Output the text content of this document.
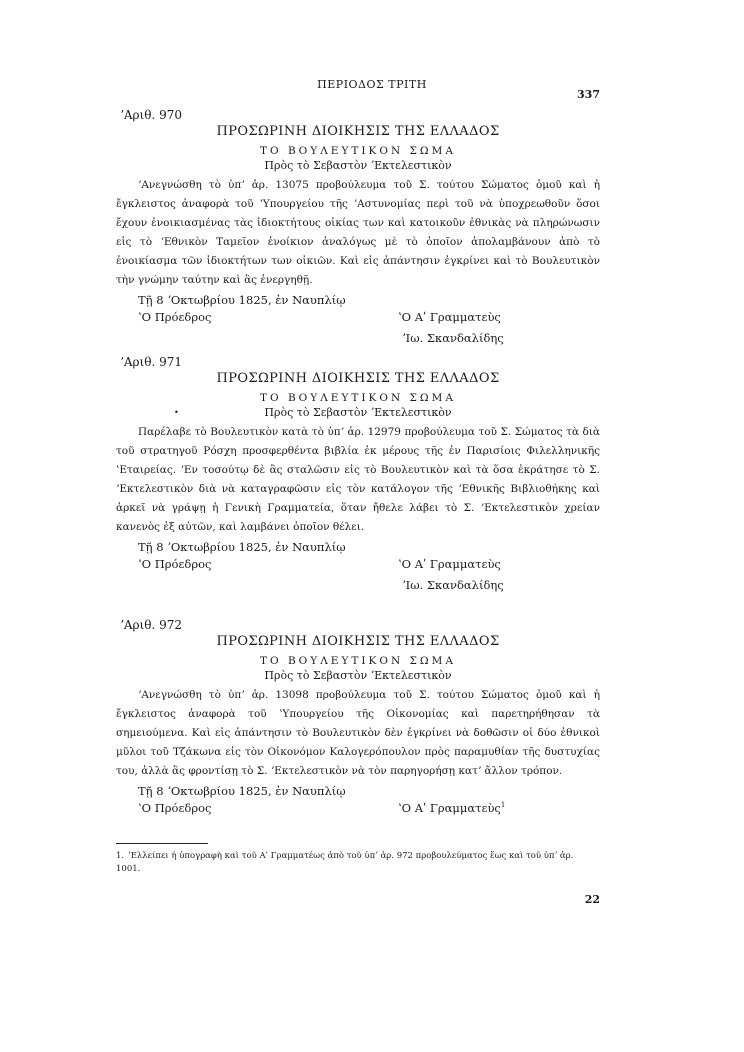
ΠΕΡΙΟΔΟΣ ΤΡΙΤΗ
337
ʼΑριθ. 970
ΠΡΟΣΩΡΙΝΗ ΔΙΟΙΚΗΣΙΣ ΤΗΣ ΕΛΛΑΔΟΣ
ΤΟ ΒΟΥΛΕΥΤΙΚΟΝ ΣΩΜΑ
Πρὸς τὸ Σεβαστὸν ʼΕκτελεστικὸν
ʼΑνεγνώσθη τὸ ὑπʼ ἀρ. 13075 προβούλευμα τοῦ Σ. τούτου Σώματος ὁμοῦ καὶ ἡ ἔγκλειστος ἀναφορὰ τοῦ ʽΥπουργείου τῆς ʼΑστυνομίας περὶ τοῦ νὰ ὑποχρεωθοῦν ὅσοι ἔχουν ἐνοικιασμένας τὰς ἰδιοκτήτους οἰκίας των καὶ κατοικοῦν ἐθνικὰς νὰ πληρώνωσιν εἰς τὸ ʼΕθνικὸν Ταμεῖον ἐνοίκιον ἀναλόγως μὲ τὸ ὁποῖον ἀπολαμβάνουν ἀπὸ τὸ ἐνοικίασμα τῶν ἰδιοκτήτων των οἰκιῶν. Καὶ εἰς ἀπάντησιν ἐγκρίνει καὶ τὸ Βουλευτικὸν τὴν γνώμην ταύτην καὶ ἂς ἐνεργηθῇ.
Τῇ 8 ʼΟκτωβρίου 1825, ἐν Ναυπλίῳ
ʽΟ Πρόεδρος	ʽΟ Αʹ Γραμματεὺς
ʼΙω. Σκανδαλίδης
ʼΑριθ. 971
ΠΡΟΣΩΡΙΝΗ ΔΙΟΙΚΗΣΙΣ ΤΗΣ ΕΛΛΑΔΟΣ
ΤΟ ΒΟΥΛΕΥΤΙΚΟΝ ΣΩΜΑ
•	Πρὸς τὸ Σεβαστὸν ʼΕκτελεστικὸν
Παρέλαβε τὸ Βουλευτικὸν κατὰ τὸ ὑπʼ ἀρ. 12979 προβούλευμα τοῦ Σ. Σώματος τὰ διὰ τοῦ στρατηγοῦ Ρόσχη προσφερθέντα βιβλία ἐκ μέρους τῆς ἐν Παρισίοις Φιλελληνικῆς ʽΕταιρείας. ʼΕν τοσούτῳ δὲ ἂς σταλῶσιν εἰς τὸ Βουλευτικὸν καὶ τὰ ὅσα ἐκράτησε τὸ Σ. ʼΕκτελεστικὸν διὰ νὰ καταγραφῶσιν εἰς τὸν κατάλογον τῆς ʼΕθνικῆς Βιβλιοθήκης καὶ ἀρκεῖ νὰ γράψῃ ἡ Γενικὴ Γραμματεία, ὅταν ἤθελε λάβει τὸ Σ. ʼΕκτελεστικὸν χρείαν κανενὸς ἐξ αὐτῶν, καὶ λαμβάνει ὁποῖον θέλει.
Τῇ 8 ʼΟκτωβρίου 1825, ἐν Ναυπλίῳ
ʽΟ Πρόεδρος	ʽΟ Αʹ Γραμματεὺς
ʼΙω. Σκανδαλίδης
ʼΑριθ. 972
ΠΡΟΣΩΡΙΝΗ ΔΙΟΙΚΗΣΙΣ ΤΗΣ ΕΛΛΑΔΟΣ
ΤΟ ΒΟΥΛΕΥΤΙΚΟΝ ΣΩΜΑ
Πρὸς τὸ Σεβαστὸν ʼΕκτελεστικὸν
ʼΑνεγνώσθη τὸ ὑπʼ ἀρ. 13098 προβούλευμα τοῦ Σ. τούτου Σώματος ὁμοῦ καὶ ἡ ἔγκλειστος ἀναφορὰ τοῦ ʽΥπουργείου τῆς Οἰκονομίας καὶ παρετηρήθησαν τὰ σημειούμενα. Καὶ εἰς ἀπάντησιν τὸ Βουλευτικὸν δὲν ἐγκρίνει νὰ δοθῶσιν οἱ δύο ἐθνικοὶ μῦλοι τοῦ Τζάκωνα εἰς τὸν Οἰκονόμον Καλογερόπουλον πρὸς παραμυθίαν τῆς δυστυχίας του, ἀλλὰ ἂς φροντίσῃ τὸ Σ. ʼΕκτελεστικὸν νὰ τὸν παρηγορήσῃ κατʼ ἄλλον τρόπον.
Τῇ 8 ʼΟκτωβρίου 1825, ἐν Ναυπλίῳ
ʽΟ Πρόεδρος	ʽΟ Αʹ Γραμματεὺς$^1$
1. ʼΕλλείπει ἡ ὑπογραφὴ καὶ τοῦ Αʹ Γραμματέως ἀπὸ τοῦ ὑπʼ ἀρ. 972 προβουλεύματος ἕως καὶ τοῦ ὑπʼ ἀρ. 1001.
22
